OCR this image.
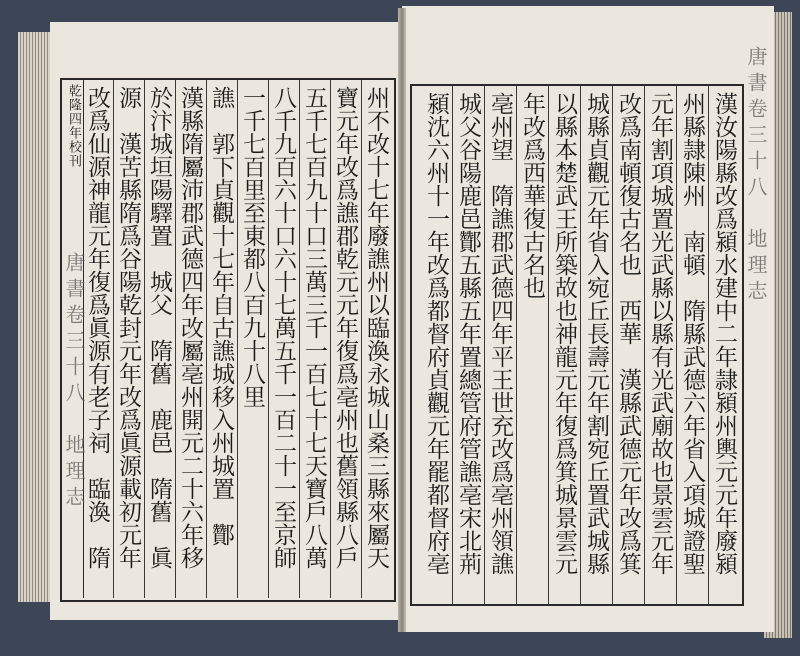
乾隆四年校刊
唐書卷三十八　地理志	州不改十七年廢譙州以臨渙永城山桑三縣來屬天
寶元年改爲譙郡乾元元年復爲亳州也舊領縣八戶
五千七百九十口三萬三千一百七十七天寶戶八萬
八千九百六十口六十七萬五千一百二十一至京師
一千七百里至東都八百九十八里
譙　郭下貞觀十七年自古譙城移入州城置　酇
漢縣隋屬沛郡武德四年改屬亳州開元二十六年移
於汴城垣陽驛置　城父　隋舊　鹿邑　隋舊　眞
源　漢苦縣隋爲谷陽乾封元年改爲眞源載初元年
改爲仙源神龍元年復爲眞源有老子祠　臨渙　隋	唐書卷三十八　地理志
漢汝陽縣改爲潁水建中二年隷潁州輿元元年廢潁
州縣隷陳州　南頓　隋縣武德六年省入項城證聖
元年割項城置光武縣以縣有光武廟故也景雲元年
改爲南頓復古名也　西華　漢縣武德元年改爲箕
城縣貞觀元年省入宛丘長壽元年割宛丘置武城縣
以縣本楚武王所築故也神龍元年復爲箕城景雲元
年改爲西華復古名也
亳州望　隋譙郡武德四年平王世充改爲亳州領譙
城父谷陽鹿邑酇五縣五年置總管府管譙亳宋北荊
潁沈六州十一年改爲都督府貞觀元年罷都督府亳
